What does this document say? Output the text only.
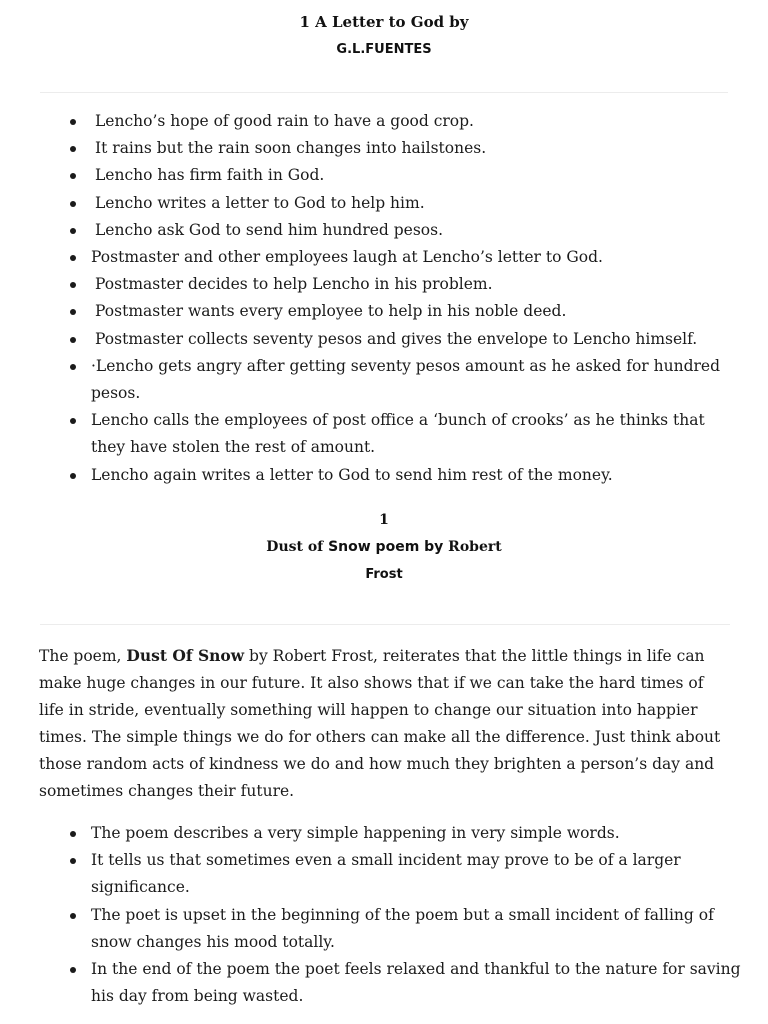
1 A Letter to God by
G.L.FUENTES
Lencho’s hope of good rain to have a good crop.
It rains but the rain soon changes into hailstones.
Lencho has firm faith in God.
Lencho writes a letter to God to help him.
Lencho ask God to send him hundred pesos.
Postmaster and other employees laugh at Lencho’s letter to God.
Postmaster decides to help Lencho in his problem.
Postmaster wants every employee to help in his noble deed.
Postmaster collects seventy pesos and gives the envelope to Lencho himself.
·Lencho gets angry after getting seventy pesos amount as he asked for hundred pesos.
Lencho calls the employees of post office a ‘bunch of crooks’ as he thinks that they have stolen the rest of amount.
Lencho again writes a letter to God to send him rest of the money.
1
Dust of Snow poem by Robert
Frost

The poem, Dust Of Snow by Robert Frost, reiterates that the little things in life can make huge changes in our future. It also shows that if we can take the hard times of life in stride, eventually something will happen to change our situation into happier times. The simple things we do for others can make all the difference. Just think about those random acts of kindness we do and how much they brighten a person’s day and sometimes changes their future.

The poem describes a very simple happening in very simple words.
It tells us that sometimes even a small incident may prove to be of a larger significance.
The poet is upset in the beginning of the poem but a small incident of falling of snow changes his mood totally.
In the end of the poem the poet feels relaxed and thankful to the nature for saving his day from being wasted.
